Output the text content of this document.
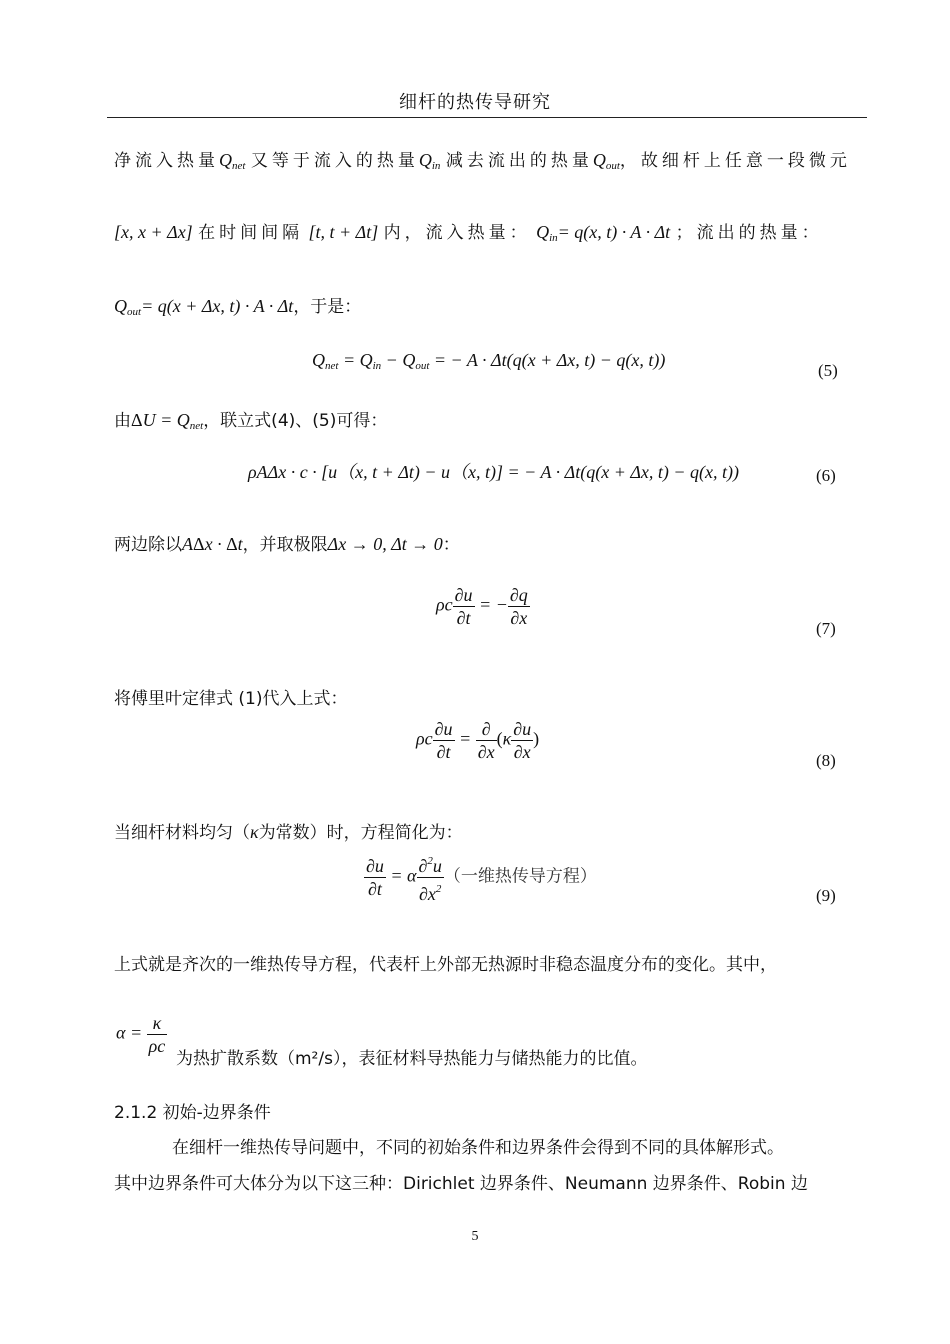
细杆的热传导研究
净流入热量$Q_{net}$ 又等于流入的热量$Q_{in}$ 减去流出的热量$Q_{out}$，故细杆上任意一段微元
[x, x + Δx] 在时间间隔 [t, t + Δt] 内，流入热量： $Q_{in}= q(x$, t) · A · Δt ；流出的热量：
$Q_{out}= q(x + \Delta x$, t) · A · Δt，于是：
$Q_{net} = Q_{in} - Q_{out}$ = − A · Δt(q(x + Δx, t) − q(x, t))
(5)
由$\Delta U = Q_{net}$，联立式(4)、(5)可得：
ρAΔx · c · [u（x, t + Δt) − u（x, t)] = − A · Δt(q(x + Δx, t) − q(x, t))	(6)
两边除以AΔx · Δt，并取极限Δx → 0, Δt → 0：
ρc $\frac{\partial u}{\partial t}$ = − $\frac{\partial q}{\partial x}$	(7)
将傅里叶定律式 (1)代入上式：
ρc $\frac{\partial u}{\partial t} = \frac{\partial}{\partial x} (\kappa \frac{\partial u}{\partial x}$ )
(8)
当细杆材料均匀（κ为常数）时，方程简化为：
$\frac{\partial u}{\partial t} = \alpha \frac{\partial^2u}{\partial x^2}$ （一维热传导方程）
(9)
上式就是齐次的一维热传导方程，代表杆上外部无热源时非稳态温度分布的变化。其中，
$\alpha = \frac{\kappa}{\rho c}$
为热扩散系数（m²/s），表征材料导热能力与储热能力的比值。
2.1.2 初始-边界条件
在细杆一维热传导问题中，不同的初始条件和边界条件会得到不同的具体解形式。
其中边界条件可大体分为以下这三种：Dirichlet 边界条件、Neumann 边界条件、Robin 边
5
